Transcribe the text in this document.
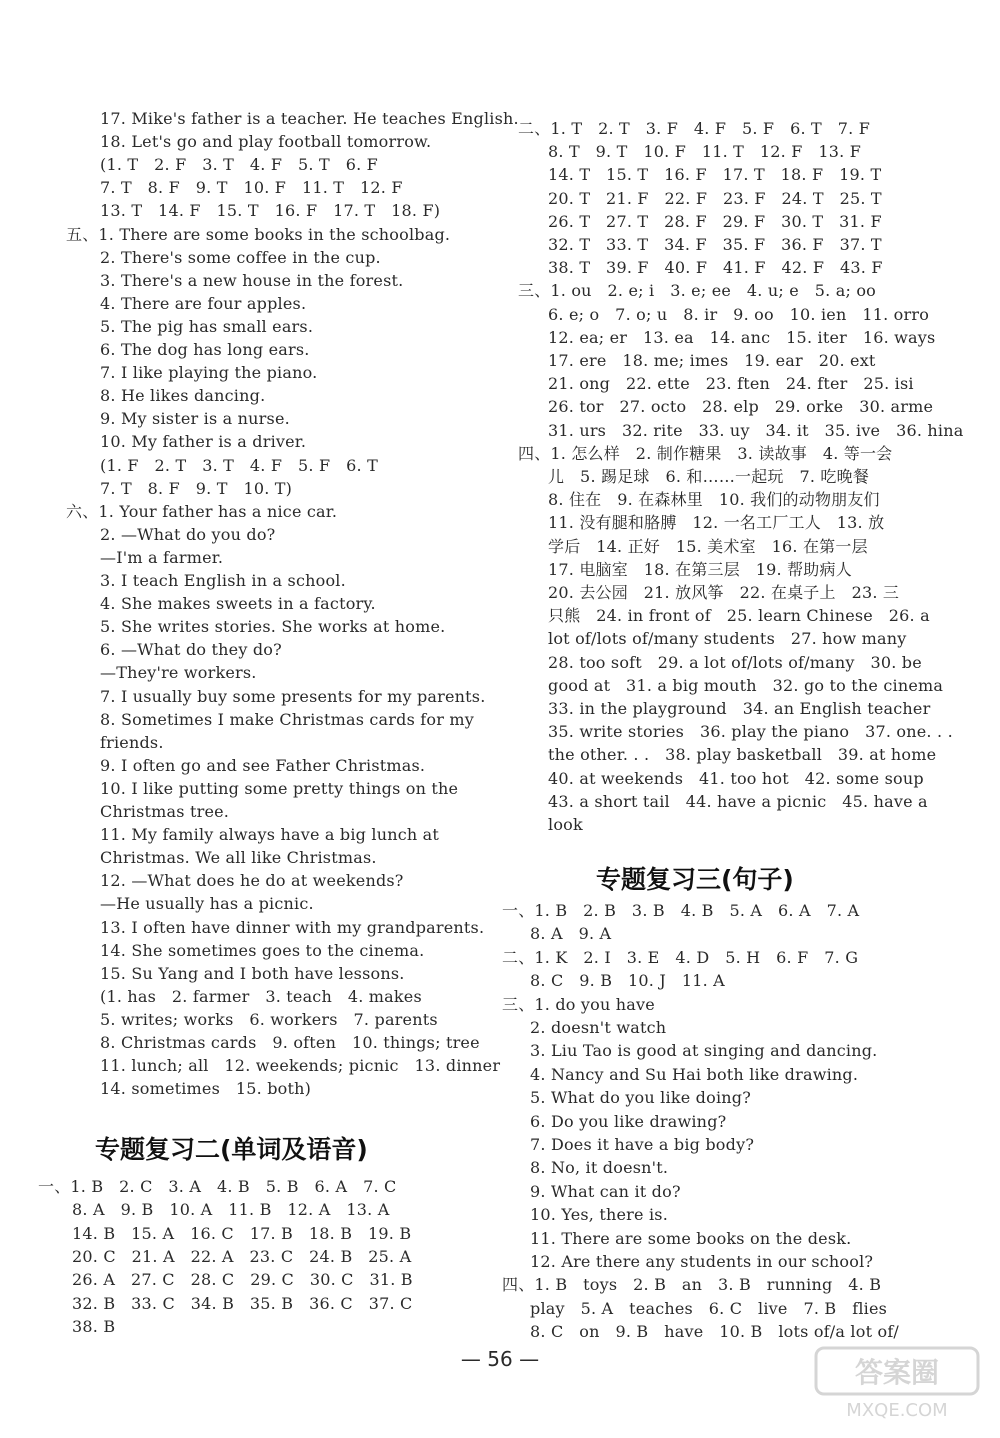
17. Mike's father is a teacher. He teaches English.
18. Let's go and play football tomorrow.
(1. T   2. F   3. T   4. F   5. T   6. F
7. T   8. F   9. T   10. F   11. T   12. F
13. T   14. F   15. T   16. F   17. T   18. F)
五、1. There are some books in the schoolbag.
2. There's some coffee in the cup.
3. There's a new house in the forest.
4. There are four apples.
5. The pig has small ears.
6. The dog has long ears.
7. I like playing the piano.
8. He likes dancing.
9. My sister is a nurse.
10. My father is a driver.
(1. F   2. T   3. T   4. F   5. F   6. T
7. T   8. F   9. T   10. T)
六、1. Your father has a nice car.
2. —What do you do?
—I'm a farmer.
3. I teach English in a school.
4. She makes sweets in a factory.
5. She writes stories. She works at home.
6. —What do they do?
—They're workers.
7. I usually buy some presents for my parents.
8. Sometimes I make Christmas cards for my
friends.
9. I often go and see Father Christmas.
10. I like putting some pretty things on the
Christmas tree.
11. My family always have a big lunch at
Christmas. We all like Christmas.
12. —What does he do at weekends?
—He usually has a picnic.
13. I often have dinner with my grandparents.
14. She sometimes goes to the cinema.
15. Su Yang and I both have lessons.
(1. has   2. farmer   3. teach   4. makes
5. writes; works   6. workers   7. parents
8. Christmas cards   9. often   10. things; tree
11. lunch; all   12. weekends; picnic   13. dinner
14. sometimes   15. both)
专题复习二(单词及语音)
一、1. B   2. C   3. A   4. B   5. B   6. A   7. C
8. A   9. B   10. A   11. B   12. A   13. A
14. B   15. A   16. C   17. B   18. B   19. B
20. C   21. A   22. A   23. C   24. B   25. A
26. A   27. C   28. C   29. C   30. C   31. B
32. B   33. C   34. B   35. B   36. C   37. C
38. B
二、1. T   2. T   3. F   4. F   5. F   6. T   7. F
8. T   9. T   10. F   11. T   12. F   13. F
14. T   15. T   16. F   17. T   18. F   19. T
20. T   21. F   22. F   23. F   24. T   25. T
26. T   27. T   28. F   29. F   30. T   31. F
32. T   33. T   34. F   35. F   36. F   37. T
38. T   39. F   40. F   41. F   42. F   43. F
三、1. ou   2. e; i   3. e; ee   4. u; e   5. a; oo
6. e; o   7. o; u   8. ir   9. oo   10. ien   11. orro
12. ea; er   13. ea   14. anc   15. iter   16. ways
17. ere   18. me; imes   19. ear   20. ext
21. ong   22. ette   23. ften   24. fter   25. isi
26. tor   27. octo   28. elp   29. orke   30. arme
31. urs   32. rite   33. uy   34. it   35. ive   36. hina
四、1. 怎么样   2. 制作糖果   3. 读故事   4. 等一会
儿   5. 踢足球   6. 和……一起玩   7. 吃晚餐
8. 住在   9. 在森林里   10. 我们的动物朋友们
11. 没有腿和胳膊   12. 一名工厂工人   13. 放
学后   14. 正好   15. 美术室   16. 在第一层
17. 电脑室   18. 在第三层   19. 帮助病人
20. 去公园   21. 放风筝   22. 在桌子上   23. 三
只熊   24. in front of   25. learn Chinese   26. a
lot of/lots of/many students   27. how many
28. too soft   29. a lot of/lots of/many   30. be
good at   31. a big mouth   32. go to the cinema
33. in the playground   34. an English teacher
35. write stories   36. play the piano   37. one. . .
the other. . .   38. play basketball   39. at home
40. at weekends   41. too hot   42. some soup
43. a short tail   44. have a picnic   45. have a
look
专题复习三(句子)
一、1. B   2. B   3. B   4. B   5. A   6. A   7. A
8. A   9. A
二、1. K   2. I   3. E   4. D   5. H   6. F   7. G
8. C   9. B   10. J   11. A
三、1. do you have
2. doesn't watch
3. Liu Tao is good at singing and dancing.
4. Nancy and Su Hai both like drawing.
5. What do you like doing?
6. Do you like drawing?
7. Does it have a big body?
8. No, it doesn't.
9. What can it do?
10. Yes, there is.
11. There are some books on the desk.
12. Are there any students in our school?
四、1. B   toys   2. B   an   3. B   running   4. B
play   5. A   teaches   6. C   live   7. B   flies
8. C   on   9. B   have   10. B   lots of/a lot of/
— 56 —	答案圈
MXQE.COM
